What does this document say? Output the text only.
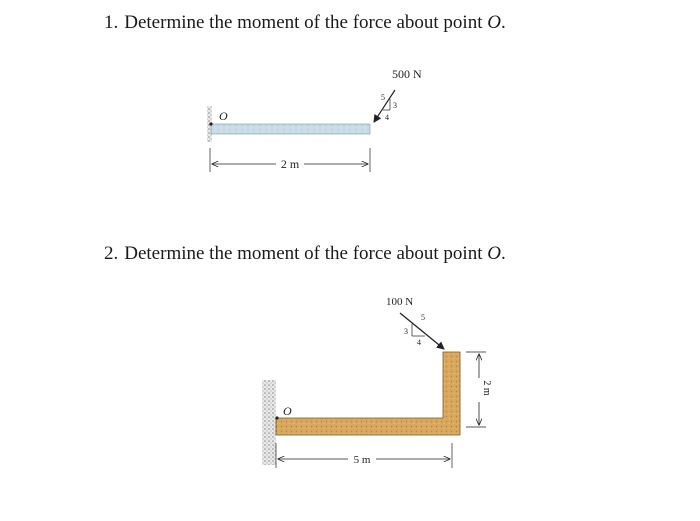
1. Determine the moment of the force about point O.
2. Determine the moment of the force about point O.
O
500 N
5
3
4
2 m
O
100 N
5
3
4
5 m
2 m
